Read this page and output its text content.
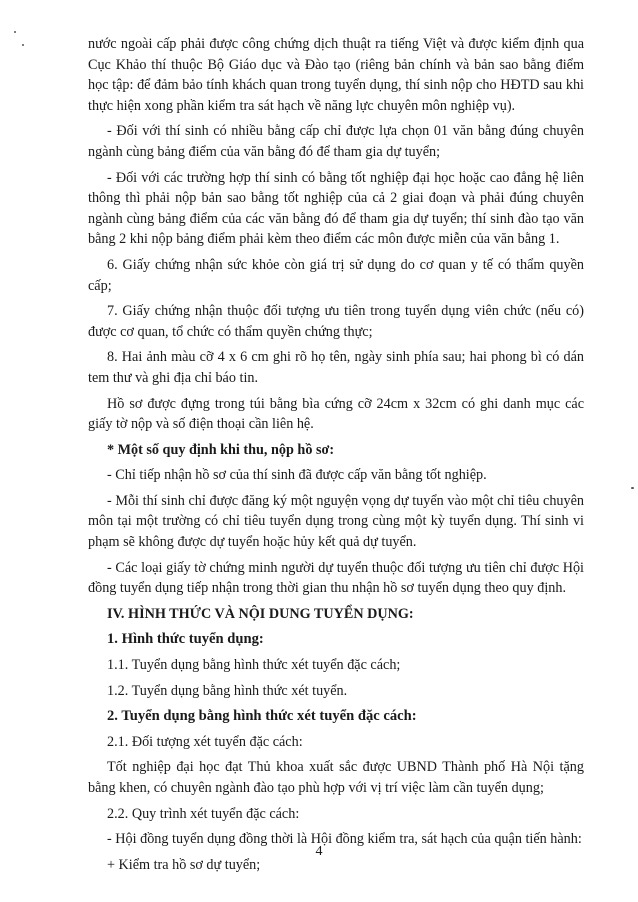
nước ngoài cấp phải được công chứng dịch thuật ra tiếng Việt và được kiểm định qua Cục Khảo thí thuộc Bộ Giáo dục và Đào tạo (riêng bản chính và bản sao bằng điểm học tập: để đảm bảo tính khách quan trong tuyển dụng, thí sinh nộp cho HĐTD sau khi thực hiện xong phần kiểm tra sát hạch về năng lực chuyên môn nghiệp vụ).

- Đối với thí sinh có nhiều bằng cấp chỉ được lựa chọn 01 văn bằng đúng chuyên ngành cùng bảng điểm của văn bằng đó để tham gia dự tuyển;

- Đối với các trường hợp thí sinh có bằng tốt nghiệp đại học hoặc cao đẳng hệ liên thông thì phải nộp bản sao bằng tốt nghiệp của cả 2 giai đoạn và phải đúng chuyên ngành cùng bảng điểm của các văn bằng đó để tham gia dự tuyển; thí sinh đào tạo văn bằng 2 khi nộp bảng điểm phải kèm theo điểm các môn được miễn của văn bằng 1.

6. Giấy chứng nhận sức khỏe còn giá trị sử dụng do cơ quan y tế có thẩm quyền cấp;

7. Giấy chứng nhận thuộc đối tượng ưu tiên trong tuyển dụng viên chức (nếu có) được cơ quan, tổ chức có thẩm quyền chứng thực;

8. Hai ảnh màu cỡ 4 x 6 cm ghi rõ họ tên, ngày sinh phía sau; hai phong bì có dán tem thư và ghi địa chỉ báo tin.

Hồ sơ được đựng trong túi bằng bìa cứng cỡ 24cm x 32cm có ghi danh mục các giấy tờ nộp và số điện thoại cần liên hệ.

* Một số quy định khi thu, nộp hồ sơ:

- Chỉ tiếp nhận hồ sơ của thí sinh đã được cấp văn bằng tốt nghiệp.

- Mỗi thí sinh chỉ được đăng ký một nguyện vọng dự tuyển vào một chỉ tiêu chuyên môn tại một trường có chỉ tiêu tuyển dụng trong cùng một kỳ tuyển dụng. Thí sinh vi phạm sẽ không được dự tuyển hoặc hủy kết quả dự tuyển.

- Các loại giấy tờ chứng minh người dự tuyển thuộc đối tượng ưu tiên chỉ được Hội đồng tuyển dụng tiếp nhận trong thời gian thu nhận hồ sơ tuyển dụng theo quy định.

IV. HÌNH THỨC VÀ NỘI DUNG TUYỂN DỤNG:

1. Hình thức tuyển dụng:

1.1. Tuyển dụng bằng hình thức xét tuyển đặc cách;

1.2. Tuyển dụng bằng hình thức xét tuyển.

2. Tuyển dụng bằng hình thức xét tuyển đặc cách:

2.1. Đối tượng xét tuyển đặc cách:

Tốt nghiệp đại học đạt Thủ khoa xuất sắc được UBND Thành phố Hà Nội tặng bằng khen, có chuyên ngành đào tạo phù hợp với vị trí việc làm cần tuyển dụng;

2.2. Quy trình xét tuyển đặc cách:

- Hội đồng tuyển dụng đồng thời là Hội đồng kiểm tra, sát hạch của quận tiến hành:

+ Kiểm tra hồ sơ dự tuyển;

4
